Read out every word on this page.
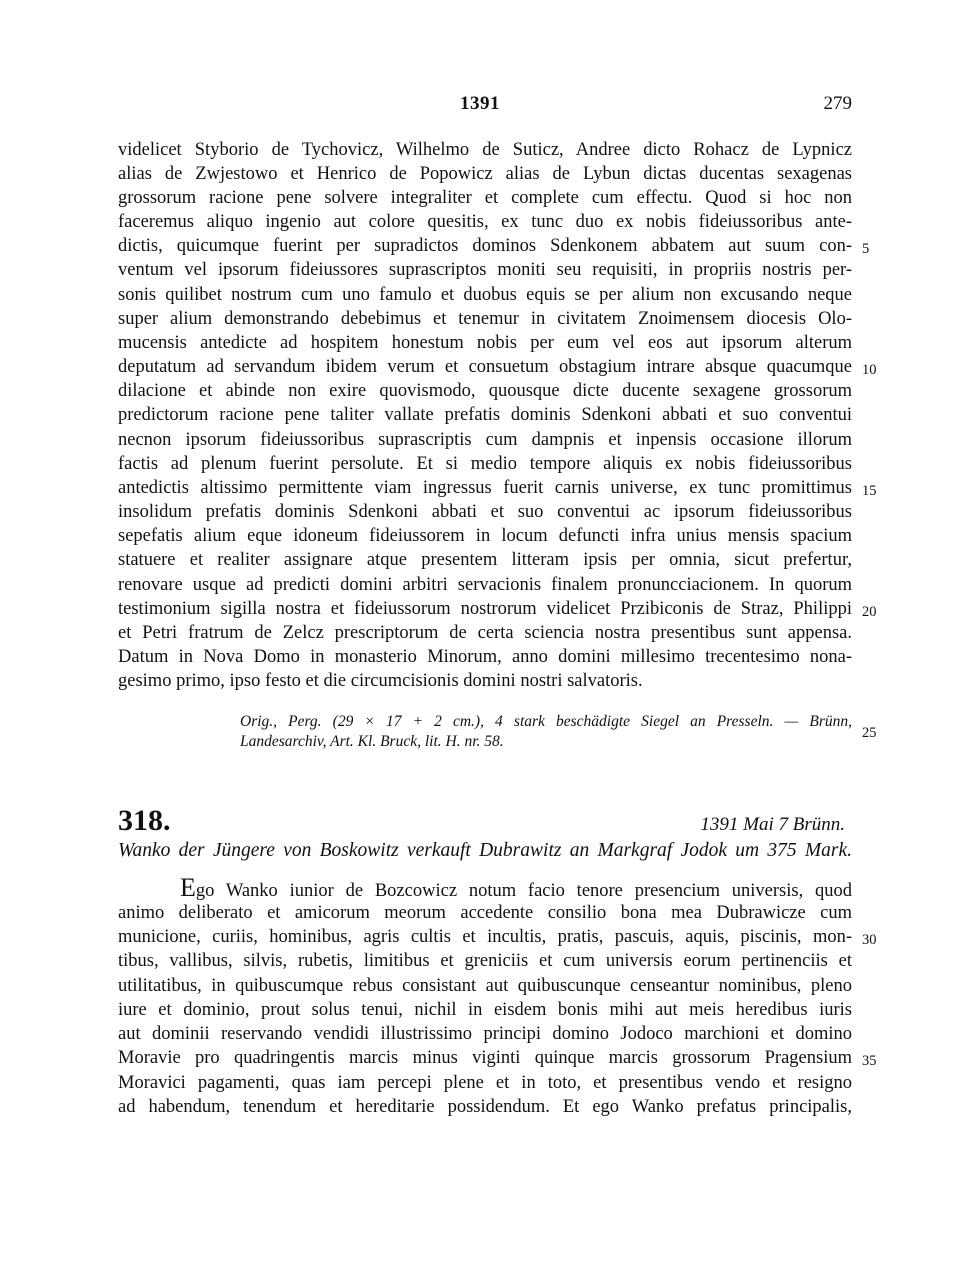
1391	279

videlicet Styborio de Tychovicz, Wilhelmo de Suticz, Andree dicto Rohacz de Lypnicz

alias de Zwjestowo et Henrico de Popowicz alias de Lybun dictas ducentas sexagenas

grossorum racione pene solvere integraliter et complete cum effectu. Quod si hoc non

faceremus aliquo ingenio aut colore quesitis, ex tunc duo ex nobis fideiussoribus ante-

dictis, quicumque fuerint per supradictos dominos Sdenkonem abbatem aut suum con-

ventum vel ipsorum fideiussores suprascriptos moniti seu requisiti, in propriis nostris per-

sonis quilibet nostrum cum uno famulo et duobus equis se per alium non excusando neque

super alium demonstrando debebimus et tenemur in civitatem Znoimensem diocesis Olo-

mucensis antedicte ad hospitem honestum nobis per eum vel eos aut ipsorum alterum

deputatum ad servandum ibidem verum et consuetum obstagium intrare absque quacumque

dilacione et abinde non exire quovismodo, quousque dicte ducente sexagene grossorum

predictorum racione pene taliter vallate prefatis dominis Sdenkoni abbati et suo conventui

necnon ipsorum fideiussoribus suprascriptis cum dampnis et inpensis occasione illorum

factis ad plenum fuerint persolute. Et si medio tempore aliquis ex nobis fideiussoribus

antedictis altissimo permittente viam ingressus fuerit carnis universe, ex tunc promittimus

insolidum prefatis dominis Sdenkoni abbati et suo conventui ac ipsorum fideiussoribus

sepefatis alium eque idoneum fideiussorem in locum defuncti infra unius mensis spacium

statuere et realiter assignare atque presentem litteram ipsis per omnia, sicut prefertur,

renovare usque ad predicti domini arbitri servacionis finalem pronuncciacionem. In quorum

testimonium sigilla nostra et fideiussorum nostrorum videlicet Przibiconis de Straz, Philippi

et Petri fratrum de Zelcz prescriptorum de certa sciencia nostra presentibus sunt appensa.

Datum in Nova Domo in monasterio Minorum, anno domini millesimo trecentesimo nona-

gesimo primo, ipso festo et die circumcisionis domini nostri salvatoris.

Orig., Perg. (29 × 17 + 2 cm.), 4 stark beschädigte Siegel an Presseln. — Brünn,

Landesarchiv, Art. Kl. Bruck, lit. H. nr. 58.

318.	1391 Mai 7 Brünn.
Wanko der Jüngere von Boskowitz verkauft Dubrawitz an Markgraf Jodok um 375 Mark.

Ego Wanko iunior de Bozcowicz notum facio tenore presencium universis, quod

animo deliberato et amicorum meorum accedente consilio bona mea Dubrawicze cum

municione, curiis, hominibus, agris cultis et incultis, pratis, pascuis, aquis, piscinis, mon-

tibus, vallibus, silvis, rubetis, limitibus et greniciis et cum universis eorum pertinenciis et

utilitatibus, in quibuscumque rebus consistant aut quibuscunque censeantur nominibus, pleno

iure et dominio, prout solus tenui, nichil in eisdem bonis mihi aut meis heredibus iuris

aut dominii reservando vendidi illustrissimo principi domino Jodoco marchioni et domino

Moravie pro quadringentis marcis minus viginti quinque marcis grossorum Pragensium

Moravici pagamenti, quas iam percepi plene et in toto, et presentibus vendo et resigno

ad habendum, tenendum et hereditarie possidendum. Et ego Wanko prefatus principalis,

5
10
15
20
25
30
35
